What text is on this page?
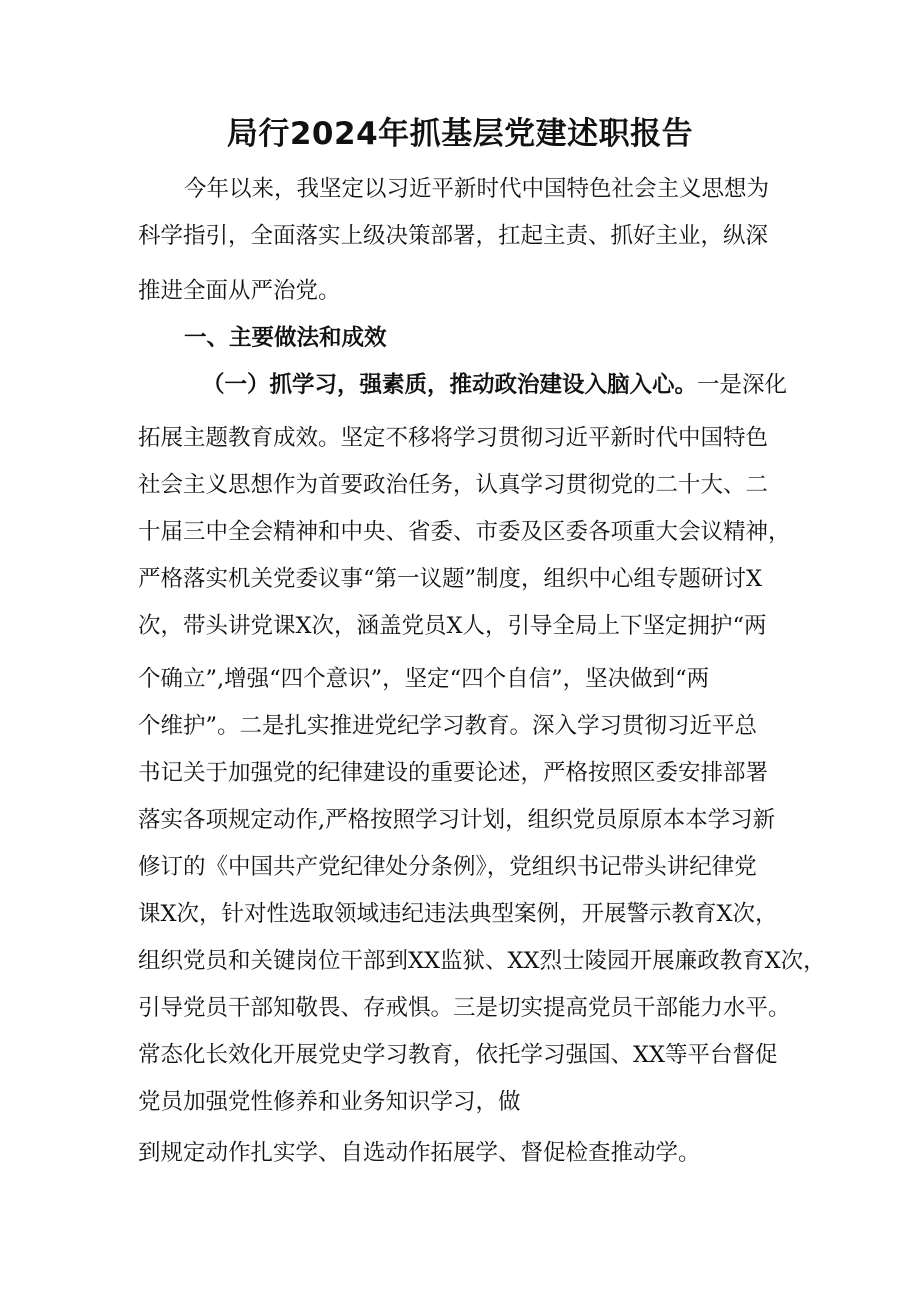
局行2024年抓基层党建述职报告

今年以来，我坚定以习近平新时代中国特色社会主义思想为

科学指引，全面落实上级决策部署，扛起主责、抓好主业，纵深

推进全面从严治党。

一、主要做法和成效

（一）抓学习，强素质，推动政治建设入脑入心。一是深化

拓展主题教育成效。坚定不移将学习贯彻习近平新时代中国特色

社会主义思想作为首要政治任务，认真学习贯彻党的二十大、二

十届三中全会精神和中央、省委、市委及区委各项重大会议精神，

严格落实机关党委议事“第一议题”制度，组织中心组专题研讨X

次，带头讲党课X次，涵盖党员X人，引导全局上下坚定拥护“两

个确立”,增强“四个意识”，坚定“四个自信”，坚决做到“两

个维护”。二是扎实推进党纪学习教育。深入学习贯彻习近平总

书记关于加强党的纪律建设的重要论述，严格按照区委安排部署

落实各项规定动作,严格按照学习计划，组织党员原原本本学习新

修订的《中国共产党纪律处分条例》，党组织书记带头讲纪律党

课X次，针对性选取领域违纪违法典型案例，开展警示教育X次，

组织党员和关键岗位干部到XX监狱、XX烈士陵园开展廉政教育X次，

引导党员干部知敬畏、存戒惧。三是切实提高党员干部能力水平。

常态化长效化开展党史学习教育，依托学习强国、XX等平台督促

党员加强党性修养和业务知识学习，做

到规定动作扎实学、自选动作拓展学、督促检查推动学。
